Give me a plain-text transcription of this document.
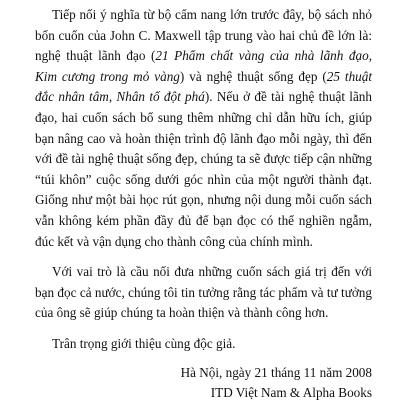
Tiếp nối ý nghĩa từ bộ cẩm nang lớn trước đây, bộ sách nhỏ bốn cuốn của John C. Maxwell tập trung vào hai chủ đề lớn là: nghệ thuật lãnh đạo (21 Phẩm chất vàng của nhà lãnh đạo, Kim cương trong mỏ vàng) và nghệ thuật sống đẹp (25 thuật đắc nhân tâm, Nhân tố đột phá). Nếu ở đề tài nghệ thuật lãnh đạo, hai cuốn sách bổ sung thêm những chỉ dẫn hữu ích, giúp bạn nâng cao và hoàn thiện trình độ lãnh đạo mỗi ngày, thì đến với đề tài nghệ thuật sống đẹp, chúng ta sẽ được tiếp cận những “túi khôn” cuộc sống dưới góc nhìn của một người thành đạt. Giống như một bài học rút gọn, nhưng nội dung mỗi cuốn sách vẫn không kém phần đầy đủ để bạn đọc có thể nghiền ngẫm, đúc kết và vận dụng cho thành công của chính mình.

Với vai trò là cầu nối đưa những cuốn sách giá trị đến với bạn đọc cả nước, chúng tôi tin tưởng rằng tác phẩm và tư tưởng của ông sẽ giúp chúng ta hoàn thiện và thành công hơn.

Trân trọng giới thiệu cùng độc giả.

Hà Nội, ngày 21 tháng 11 năm 2008

ITD Việt Nam & Alpha Books
